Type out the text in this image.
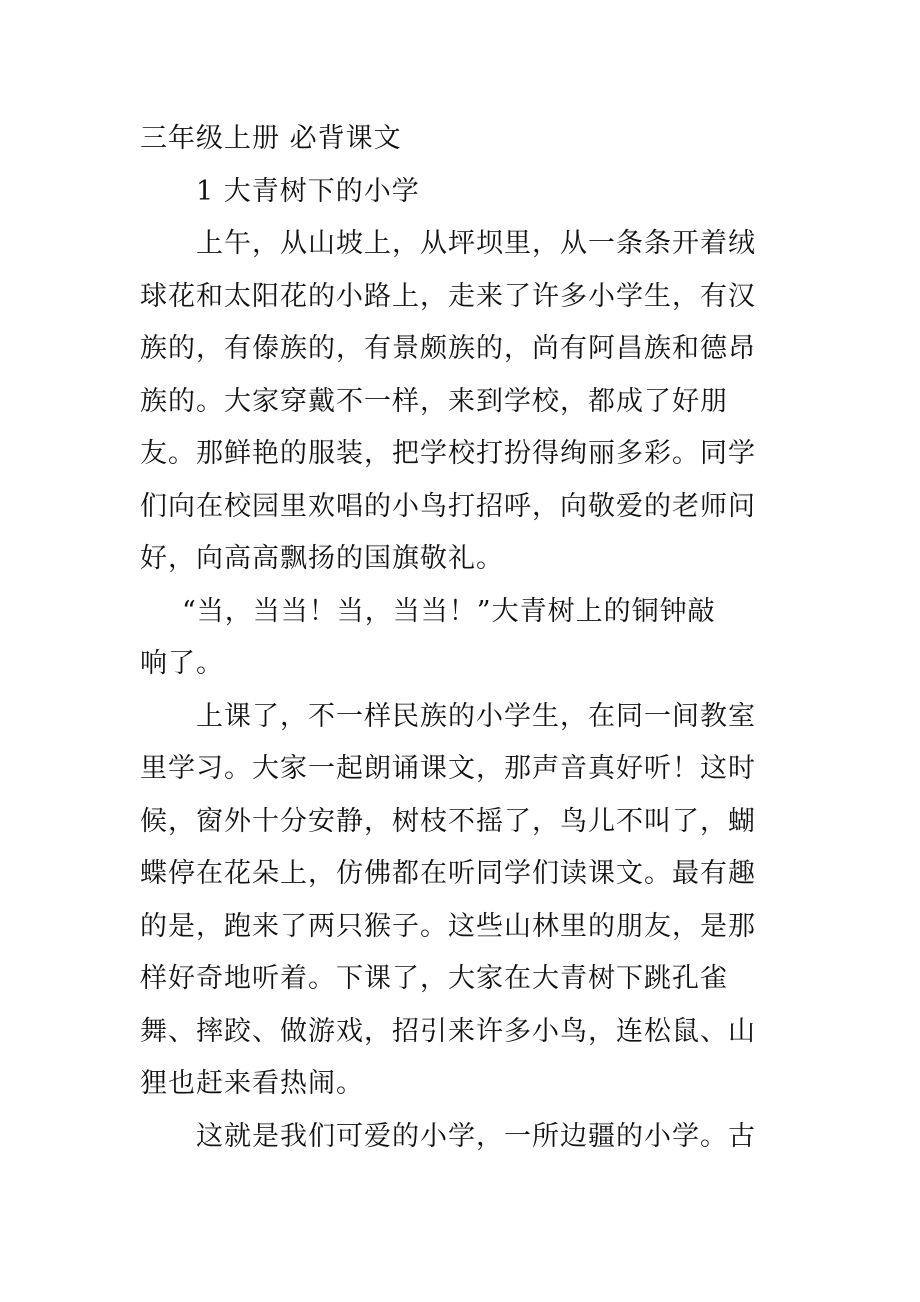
三年级上册 必背课文
1 大青树下的小学
上午，从山坡上，从坪坝里，从一条条开着绒
球花和太阳花的小路上，走来了许多小学生，有汉
族的，有傣族的，有景颇族的，尚有阿昌族和德昂
族的。大家穿戴不一样，来到学校，都成了好朋
友。那鲜艳的服装，把学校打扮得绚丽多彩。同学
们向在校园里欢唱的小鸟打招呼，向敬爱的老师问
好，向高高飘扬的国旗敬礼。
“当，当当！当，当当！”大青树上的铜钟敲
响了。
上课了，不一样民族的小学生，在同一间教室
里学习。大家一起朗诵课文，那声音真好听！这时
候，窗外十分安静，树枝不摇了，鸟儿不叫了，蝴
蝶停在花朵上，仿佛都在听同学们读课文。最有趣
的是，跑来了两只猴子。这些山林里的朋友，是那
样好奇地听着。下课了，大家在大青树下跳孔雀
舞、摔跤、做游戏，招引来许多小鸟，连松鼠、山
狸也赶来看热闹。
这就是我们可爱的小学，一所边疆的小学。古
